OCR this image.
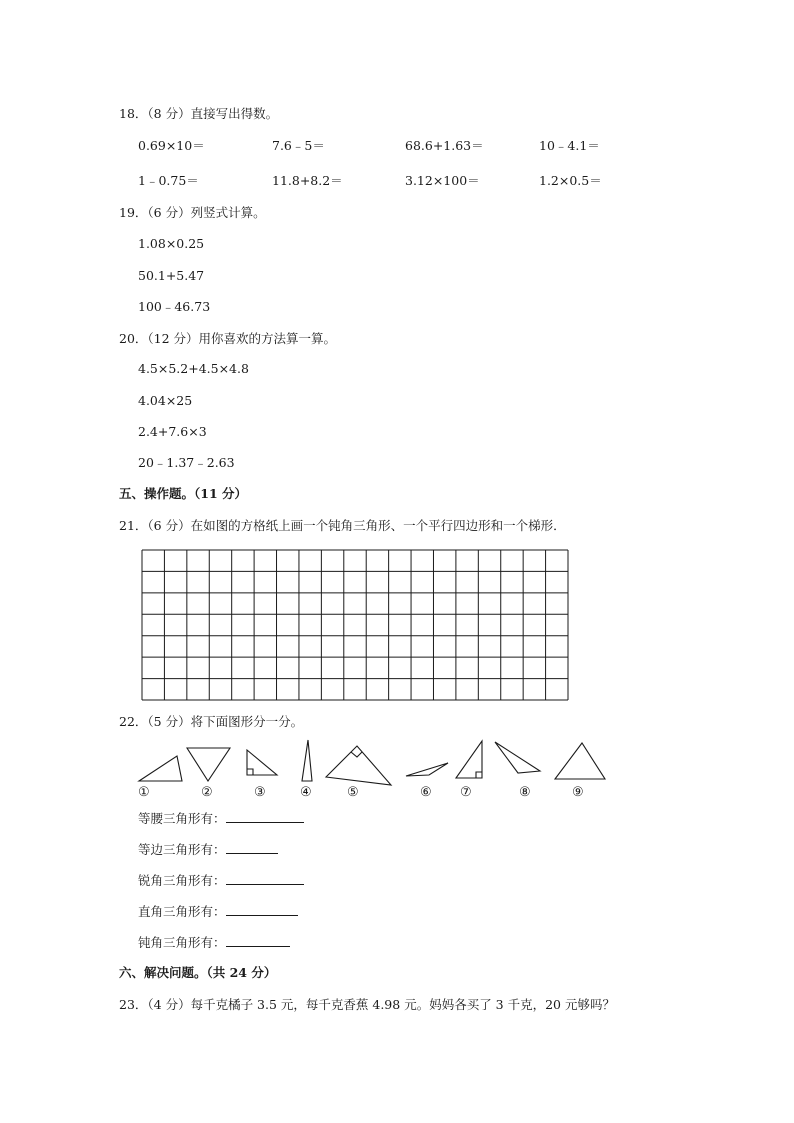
18．（8 分）直接写出得数。
0.69×10＝	7.6﹣5＝	68.6+1.63＝	10﹣4.1＝
1﹣0.75＝	11.8+8.2＝	3.12×100＝	1.2×0.5＝
19．（6 分）列竖式计算。
1.08×0.25
50.1+5.47
100﹣46.73
20．（12 分）用你喜欢的方法算一算。
4.5×5.2+4.5×4.8
4.04×25
2.4+7.6×3
20﹣1.37﹣2.63
五、操作题。（11 分）
21．（6 分）在如图的方格纸上画一个钝角三角形、一个平行四边形和一个梯形．
22．（5 分）将下面图形分一分。
①	②	③	④	⑤	⑥ ⑦	⑧	⑨
等腰三角形有：
等边三角形有：
锐角三角形有：
直角三角形有：
钝角三角形有：
六、解决问题。（共 24 分）
23．（4 分）每千克橘子 3.5 元，每千克香蕉 4.98 元。妈妈各买了 3 千克，20 元够吗？
